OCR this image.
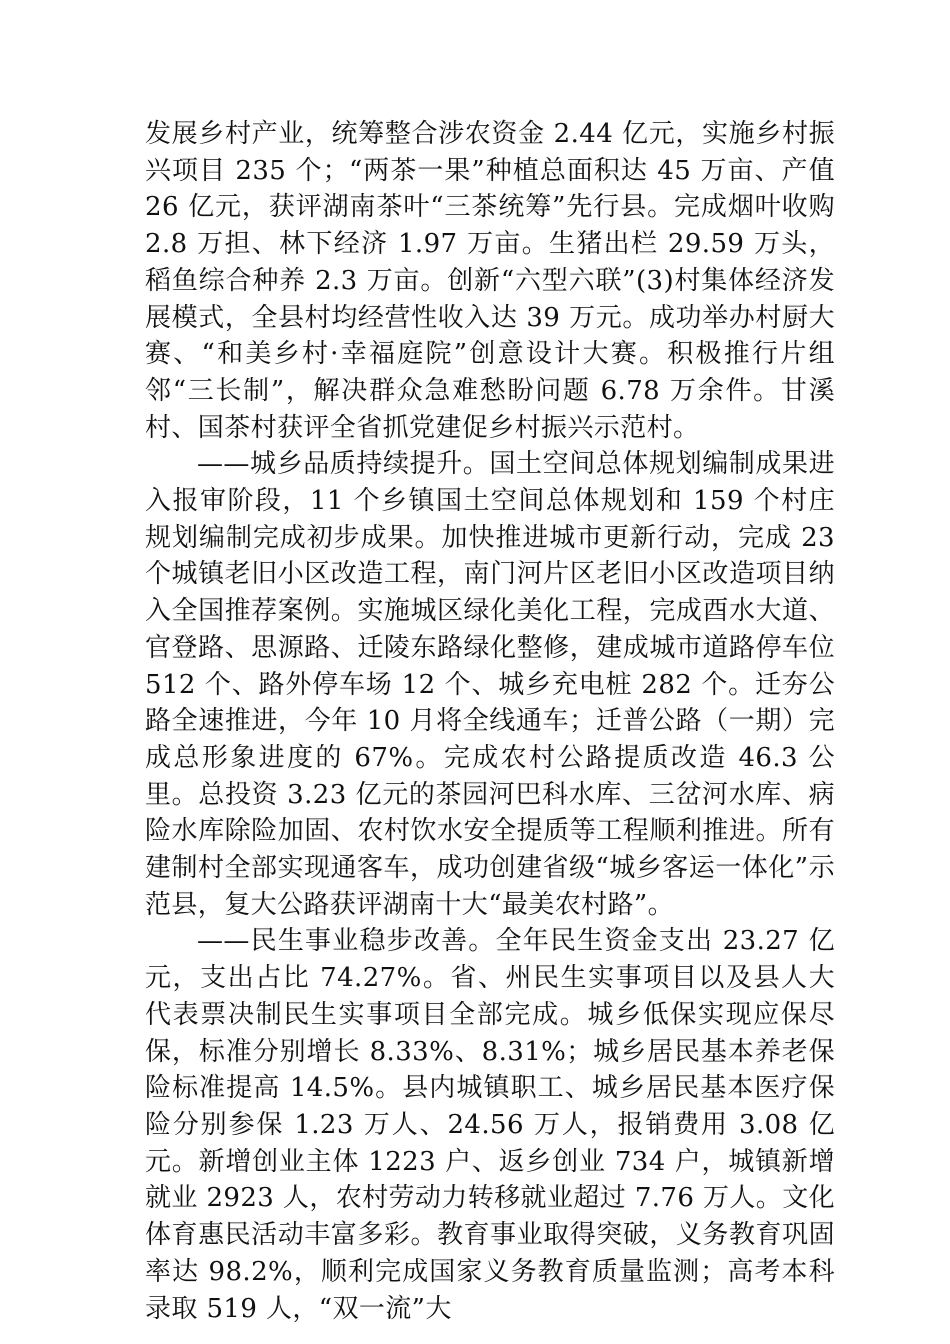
发展乡村产业，统筹整合涉农资金 2.44 亿元，实施乡村振兴项目 235 个；“两茶一果”种植总面积达 45 万亩、产值 26 亿元，获评湖南茶叶“三茶统筹”先行县。完成烟叶收购 2.8 万担、林下经济 1.97 万亩。生猪出栏 29.59 万头，稻鱼综合种养 2.3 万亩。创新“六型六联”(3)村集体经济发展模式，全县村均经营性收入达 39 万元。成功举办村厨大赛、“和美乡村·幸福庭院”创意设计大赛。积极推行片组邻“三长制”，解决群众急难愁盼问题 6.78 万余件。甘溪村、国茶村获评全省抓党建促乡村振兴示范村。

——城乡品质持续提升。国土空间总体规划编制成果进入报审阶段，11 个乡镇国土空间总体规划和 159 个村庄规划编制完成初步成果。加快推进城市更新行动，完成 23 个城镇老旧小区改造工程，南门河片区老旧小区改造项目纳入全国推荐案例。实施城区绿化美化工程，完成酉水大道、官登路、思源路、迁陵东路绿化整修，建成城市道路停车位 512 个、路外停车场 12 个、城乡充电桩 282 个。迁夯公路全速推进，今年 10 月将全线通车；迁普公路（一期）完成总形象进度的 67%。完成农村公路提质改造 46.3 公里。总投资 3.23 亿元的茶园河巴科水库、三岔河水库、病险水库除险加固、农村饮水安全提质等工程顺利推进。所有建制村全部实现通客车，成功创建省级“城乡客运一体化”示范县，复大公路获评湖南十大“最美农村路”。

——民生事业稳步改善。全年民生资金支出 23.27 亿元，支出占比 74.27%。省、州民生实事项目以及县人大代表票决制民生实事项目全部完成。城乡低保实现应保尽保，标准分别增长 8.33%、8.31%；城乡居民基本养老保险标准提高 14.5%。县内城镇职工、城乡居民基本医疗保险分别参保 1.23 万人、24.56 万人，报销费用 3.08 亿元。新增创业主体 1223 户、返乡创业 734 户，城镇新增就业 2923 人，农村劳动力转移就业超过 7.76 万人。文化体育惠民活动丰富多彩。教育事业取得突破，义务教育巩固率达 98.2%，顺利完成国家义务教育质量监测；高考本科录取 519 人，“双一流”大
